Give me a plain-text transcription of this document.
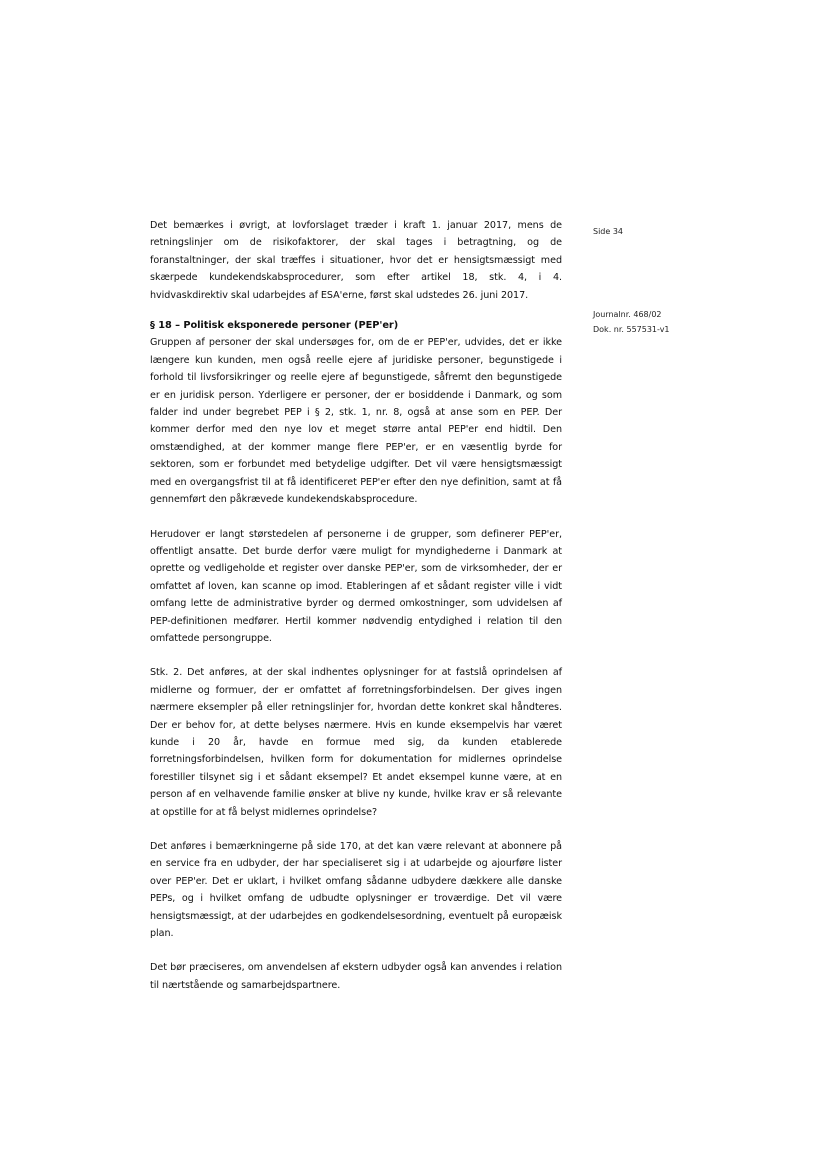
Side 34
Journalnr. 468/02
Dok. nr. 557531-v1

Det bemærkes i øvrigt, at lovforslaget træder i kraft 1. januar 2017, mens de retningslinjer om de risikofaktorer, der skal tages i betragtning, og de foranstaltninger, der skal træffes i situationer, hvor det er hensigtsmæssigt med skærpede kundekendskabsprocedurer, som efter artikel 18, stk. 4, i 4. hvidvaskdirektiv skal udarbejdes af ESA'erne, først skal udstedes 26. juni 2017.

§ 18 – Politisk eksponerede personer (PEP'er)

Gruppen af personer der skal undersøges for, om de er PEP'er, udvides, det er ikke længere kun kunden, men også reelle ejere af juridiske personer, begunstigede i forhold til livsforsikringer og reelle ejere af begunstigede, såfremt den begunstigede er en juridisk person. Yderligere er personer, der er bosiddende i Danmark, og som falder ind under begrebet PEP i § 2, stk. 1, nr. 8, også at anse som en PEP. Der kommer derfor med den nye lov et meget større antal PEP'er end hidtil. Den omstændighed, at der kommer mange flere PEP'er, er en væsentlig byrde for sektoren, som er forbundet med betydelige udgifter. Det vil være hensigtsmæssigt med en overgangsfrist til at få identificeret PEP'er efter den nye definition, samt at få gennemført den påkrævede kundekendskabsprocedure.

Herudover er langt størstedelen af personerne i de grupper, som definerer PEP'er, offentligt ansatte. Det burde derfor være muligt for myndighederne i Danmark at oprette og vedligeholde et register over danske PEP'er, som de virksomheder, der er omfattet af loven, kan scanne op imod. Etableringen af et sådant register ville i vidt omfang lette de administrative byrder og dermed omkostninger, som udvidelsen af PEP-definitionen medfører. Hertil kommer nødvendig entydighed i relation til den omfattede persongruppe.

Stk. 2. Det anføres, at der skal indhentes oplysninger for at fastslå oprindelsen af midlerne og formuer, der er omfattet af forretningsforbindelsen. Der gives ingen nærmere eksempler på eller retningslinjer for, hvordan dette konkret skal håndteres. Der er behov for, at dette belyses nærmere. Hvis en kunde eksempelvis har været kunde i 20 år, havde en formue med sig, da kunden etablerede forretningsforbindelsen, hvilken form for dokumentation for midlernes oprindelse forestiller tilsynet sig i et sådant eksempel? Et andet eksempel kunne være, at en person af en velhavende familie ønsker at blive ny kunde, hvilke krav er så relevante at opstille for at få belyst midlernes oprindelse?

Det anføres i bemærkningerne på side 170, at det kan være relevant at abonnere på en service fra en udbyder, der har specialiseret sig i at udarbejde og ajourføre lister over PEP'er. Det er uklart, i hvilket omfang sådanne udbydere dækkere alle danske PEPs, og i hvilket omfang de udbudte oplysninger er troværdige. Det vil være hensigtsmæssigt, at der udarbejdes en godkendelsesordning, eventuelt på europæisk plan.

Det bør præciseres, om anvendelsen af ekstern udbyder også kan anvendes i relation til nærtstående og samarbejdspartnere.
